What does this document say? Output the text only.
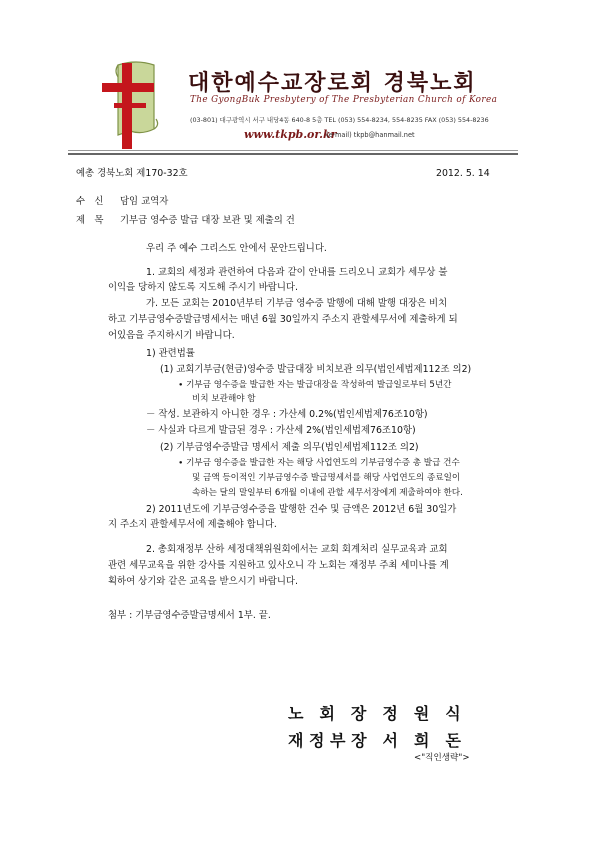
대한예수교장로회 경북노회
The GyongBuk Presbytery of The Presbyterian Church of Korea
(03-801) 대구광역시 서구 내당4동 640-8 5층 TEL (053) 554-8234, 554-8235 FAX (053) 554-8236
www.tkpb.or.kr
(e-mail) tkpb@hanmail.net
예총 경북노회 제170-32호	2012. 5. 14
수　신 담임 교역자
제　목 기부금 영수증 발급 대장 보관 및 제출의 건
우리 주 예수 그리스도 안에서 문안드립니다.
1. 교회의 세정과 관련하여 다음과 같이 안내를 드리오니 교회가 세무상 불
이익을 당하지 않도록 지도해 주시기 바랍니다.
가. 모든 교회는 2010년부터 기부금 영수증 발행에 대해 발행 대장은 비치
하고 기부금영수증발급명세서는 매년 6월 30일까지 주소지 관할세무서에 제출하게 되
어있음을 주지하시기 바랍니다.
1) 관련법률
(1) 교회기부금(현금)영수증 발급대장 비치보관 의무(법인세법제112조 의2)
∙ 기부금 영수증을 발급한 자는 발급대장을 작성하여 발급일로부터 5년간
비치 보관해야 함
－ 작성. 보관하지 아니한 경우 : 가산세 0.2%(법인세법제76조10항)
－ 사실과 다르게 발급된 경우 : 가산세 2%(법인세법제76조10항)
(2) 기부금영수증발급 명세서 제출 의무(법인세법제112조 의2)
∙ 기부금 영수증을 발급한 자는 해당 사업연도의 기부금영수증 총 발급 건수
및 금액 등이적인 기부금영수증 발급명세서를 해당 사업연도의 종료일이
속하는 달의 말일부터 6개월 이내에 관할 세무서장에게 제출하여야 한다.
2) 2011년도에 기부금영수증을 발행한 건수 및 금액은 2012년 6월 30일가
지 주소지 관할세무서에 제출해야 합니다.
2. 총회재정부 산하 세정대책위원회에서는 교회 회계처리 실무교육과 교회
관련 세무교육을 위한 강사를 지원하고 있사오니 각 노회는 재정부 주최 세미나를 계
획하여 상기와 같은 교육을 받으시기 바랍니다.
첨부 : 기부금영수증발급명세서 1부. 끝.
노　회　장　정　원　식
재 정 부 장　서　희　돈
<"직인생략">
